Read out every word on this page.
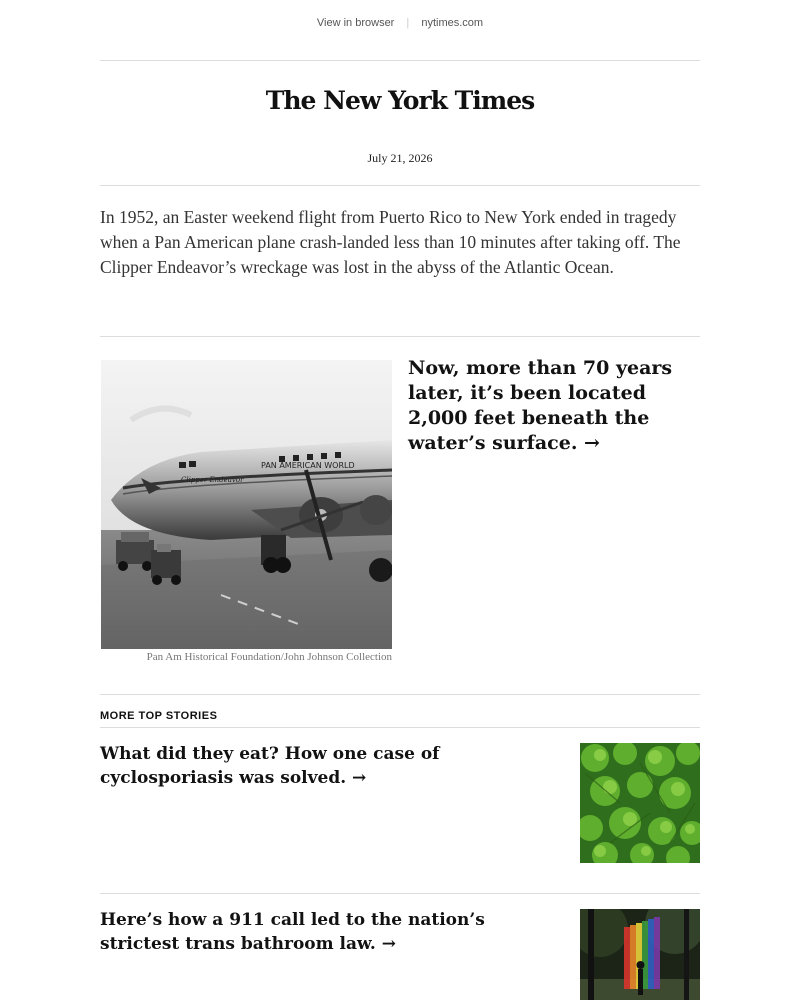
View in browser | nytimes.com
The New York Times
July 21, 2026

In 1952, an Easter weekend flight from Puerto Rico to New York ended in tragedy when a Pan American plane crash-landed less than 10 minutes after taking off. The Clipper Endeavor’s wreckage was lost in the abyss of the Atlantic Ocean.

Clipper Endeavor
PAN AMERICAN WORLD
Pan Am Historical Foundation/John Johnson Collection
Now, more than 70 years later, it’s been located 2,000 feet beneath the water’s surface. →
MORE TOP STORIES
What did they eat? How one case of cyclosporiasis was solved. →
Here’s how a 911 call led to the nation’s strictest trans bathroom law. →
